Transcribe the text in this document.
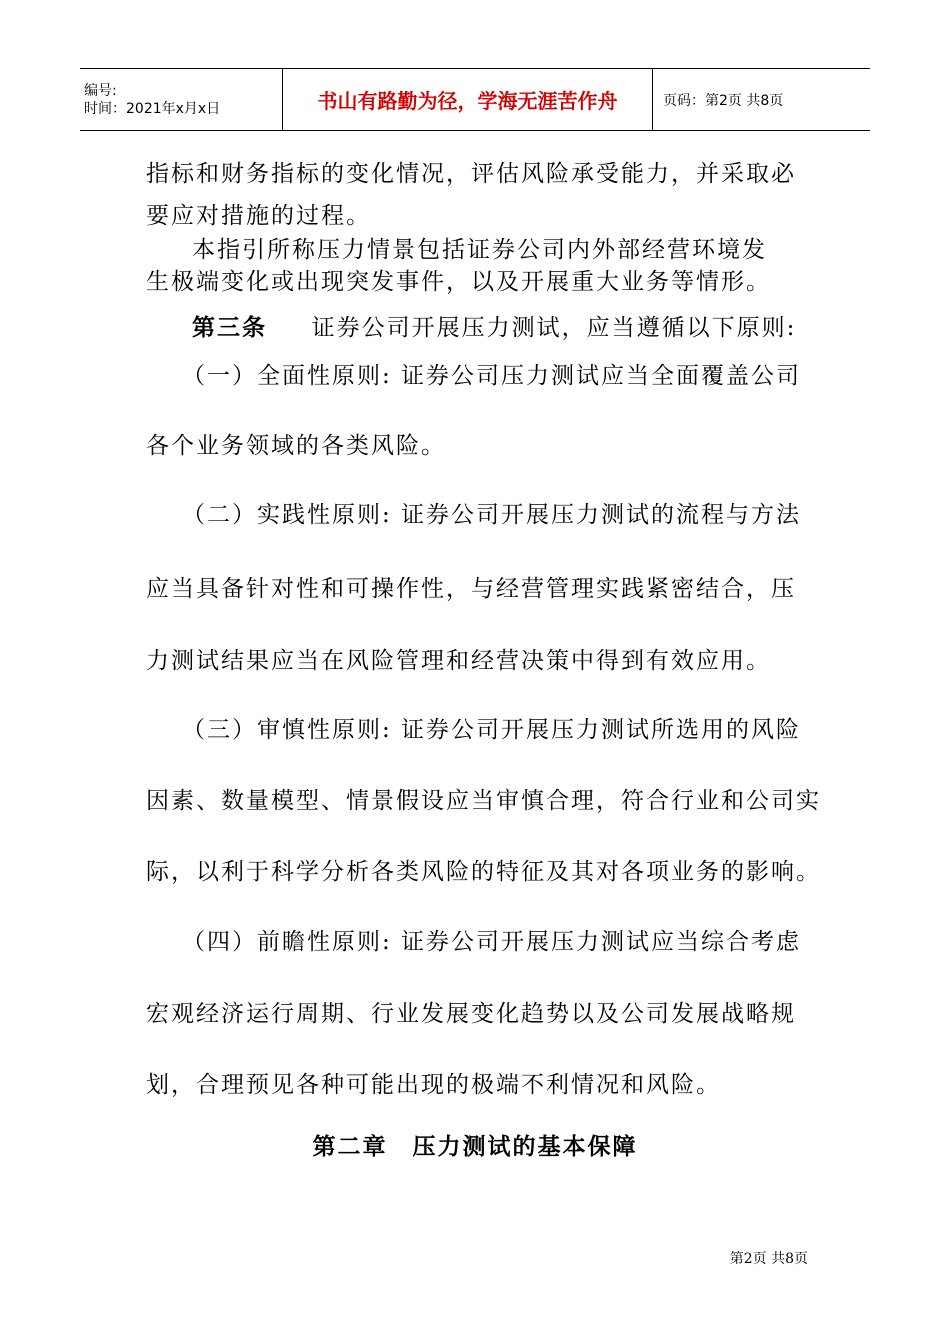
编号:
时间：2021年x月x日	书山有路勤为径，学海无涯苦作舟	页码：第2页 共8页
指标和财务指标的变化情况，评估风险承受能力，并采取必
要应对措施的过程。
本指引所称压力情景包括证券公司内外部经营环境发
生极端变化或出现突发事件，以及开展重大业务等情形。
第三条 证券公司开展压力测试，应当遵循以下原则:
（一）全面性原则: 证券公司压力测试应当全面覆盖公司
各个业务领域的各类风险。
（二）实践性原则: 证券公司开展压力测试的流程与方法
应当具备针对性和可操作性，与经营管理实践紧密结合，压
力测试结果应当在风险管理和经营决策中得到有效应用。
（三）审慎性原则: 证券公司开展压力测试所选用的风险
因素、数量模型、情景假设应当审慎合理，符合行业和公司实
际，以利于科学分析各类风险的特征及其对各项业务的影响。
（四）前瞻性原则: 证券公司开展压力测试应当综合考虑
宏观经济运行周期、行业发展变化趋势以及公司发展战略规
划，合理预见各种可能出现的极端不利情况和风险。
第二章　压力测试的基本保障
第2页 共8页
